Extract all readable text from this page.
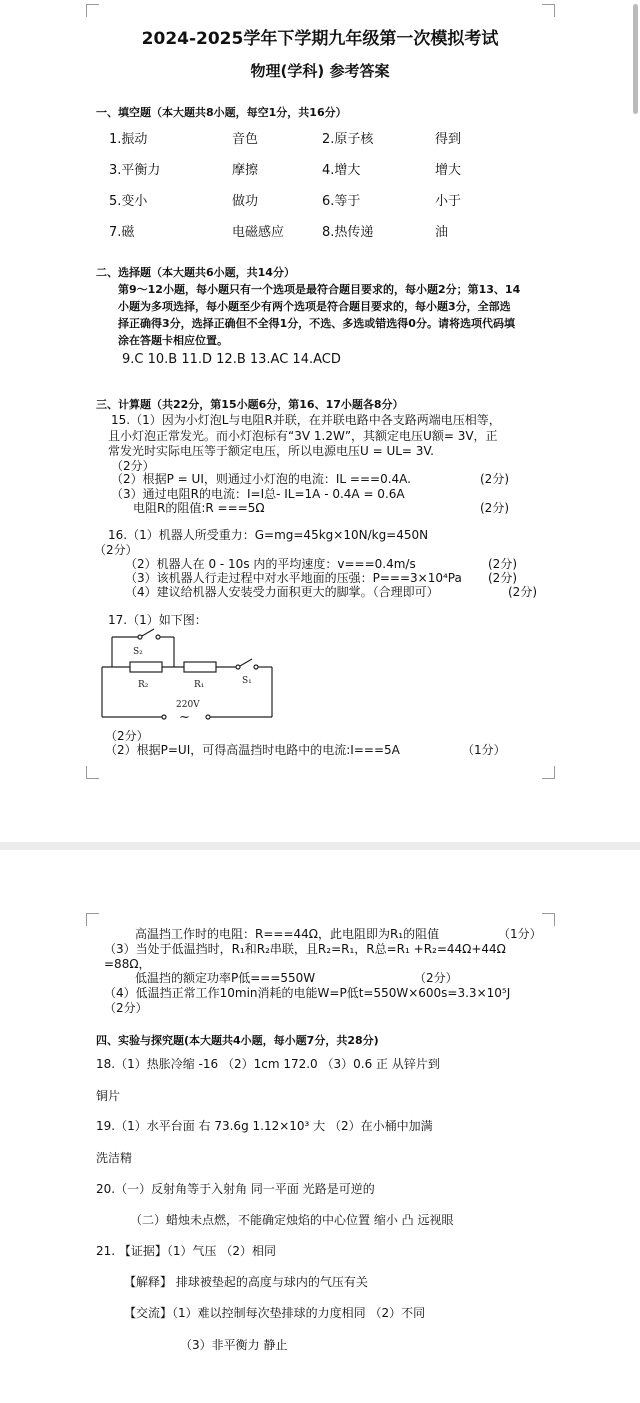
2024-2025学年下学期九年级第一次模拟考试
物理(学科) 参考答案
一、填空题（本大题共8小题，每空1分，共16分）
1.振动	音色	2.原子核	得到
3.平衡力	摩擦	4.增大	增大
5.变小	做功	6.等于	小于
7.磁	电磁感应	8.热传递	油
二、选择题（本大题共6小题，共14分）
第9～12小题，每小题只有一个选项是最符合题目要求的，每小题2分；第13、14
小题为多项选择，每小题至少有两个选项是符合题目要求的，每小题3分，全部选
择正确得3分，选择正确但不全得1分，不选、多选或错选得0分。请将选项代码填
涂在答题卡相应位置。
9.C 10.B 11.D 12.B 13.AC 14.ACD
三、计算题（共22分，第15小题6分，第16、17小题各8分）
15.（1）因为小灯泡L与电阻R并联，在并联电路中各支路两端电压相等，
且小灯泡正常发光。而小灯泡标有“3V 1.2W”，其额定电压U额= 3V，正
常发光时实际电压等于额定电压，所以电源电压U = UL= 3V.
（2分）
（2）根据P = UI，则通过小灯泡的电流：IL ===0.4A.	(2分)
（3）通过电阻R的电流：I=I总- IL=1A - 0.4A = 0.6A
电阻R的阻值:R ===5Ω	(2分)
16.（1）机器人所受重力：G=mg=45kg×10N/kg=450N
（2分）
（2）机器人在 0 - 10s 内的平均速度：v===0.4m/s	(2分)
（3）该机器人行走过程中对水平地面的压强：P===3×10⁴Pa (2分)
（4）建议给机器人安装受力面积更大的脚掌。（合理即可）	(2分)
17.（1）如下图：
S₂
R₂	R₁	S₁
220V
~
（2分）
（2）根据P=UI，可得高温挡时电路中的电流:I===5A	（1分）
高温挡工作时的电阻：R===44Ω，此电阻即为R₁的阻值	（1分）
（3）当处于低温挡时，R₁和R₂串联，且R₂=R₁，R总=R₁ +R₂=44Ω+44Ω
=88Ω，
低温挡的额定功率P低===550W	（2分）
（4）低温挡正常工作10min消耗的电能W=P低t=550W×600s=3.3×10⁵J
（2分）
四、实验与探究题(本大题共4小题，每小题7分，共28分)
18.（1）热胀冷缩 -16 （2）1cm 172.0 （3）0.6 正 从锌片到
铜片
19.（1）水平台面 右 73.6g 1.12×10³ 大 （2）在小桶中加满
洗洁精
20.（一）反射角等于入射角 同一平面 光路是可逆的
（二）蜡烛未点燃，不能确定烛焰的中心位置 缩小 凸 远视眼
21. 【证据】（1）气压 （2）相同
【解释】 排球被垫起的高度与球内的气压有关
【交流】（1）难以控制每次垫排球的力度相同 （2）不同
（3）非平衡力 静止
